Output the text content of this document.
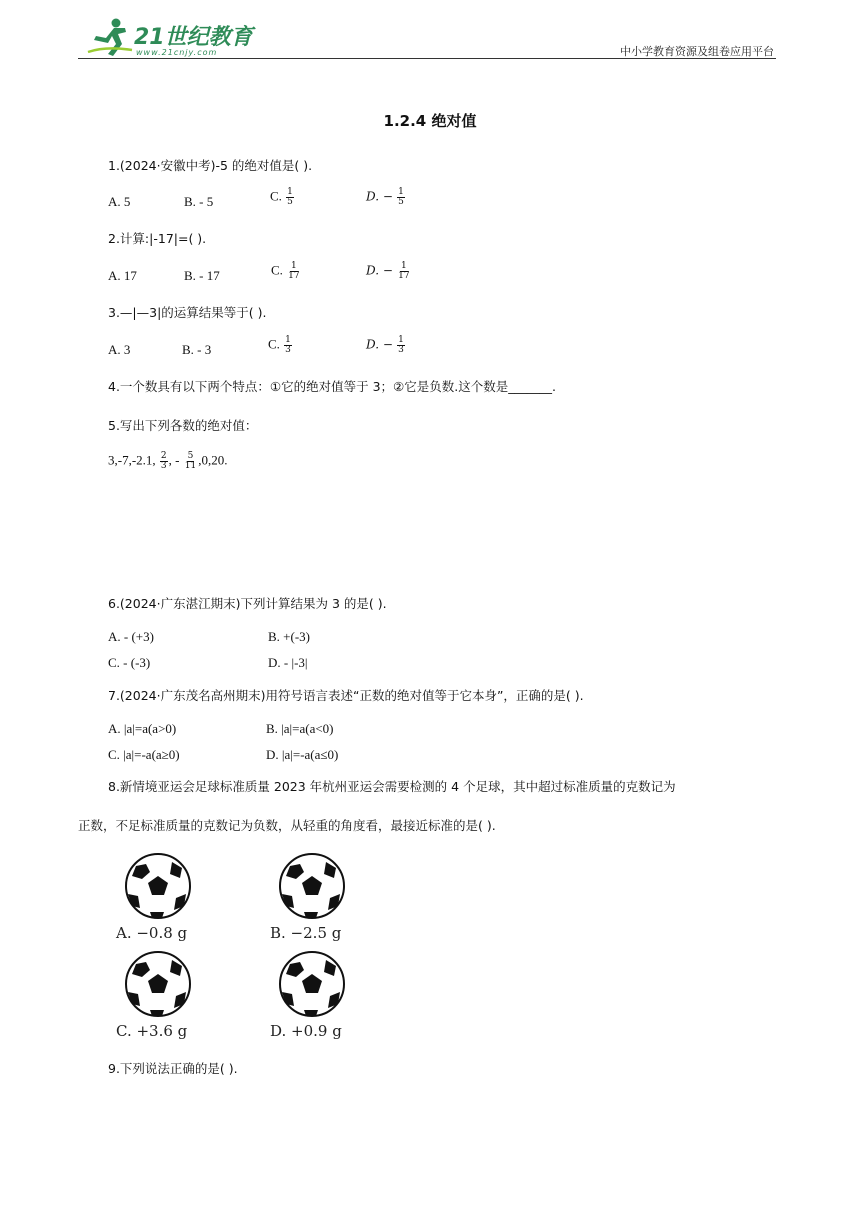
21世纪教育
www.21cnjy.com	中小学教育资源及组卷应用平台
1.2.4 绝对值
1.(2024·安徽中考)-5 的绝对值是( ).
A. 5	B. - 5	C. $\frac{1}{5}$	D. − $\frac{1}{5}$
2.计算:|-17|=( ).
A. 17	B. - 17	C. $\frac{1}{17}$	D. − $\frac{1}{17}$
3.—|—3|的运算结果等于( ).
A. 3	B. - 3	C. $\frac{1}{3}$	D. − $\frac{1}{3}$
4.一个数具有以下两个特点：①它的绝对值等于 3；②它是负数.这个数是_______.
5.写出下列各数的绝对值：
3,-7,-2.1, $\frac{2}{3}$ , - $\frac{5}{11} ,0,20$.
6.(2024·广东湛江期末)下列计算结果为 3 的是( ).
A. - (+3)	B. +(-3)
C. - (-3)	D. - |-3|
7.(2024·广东茂名高州期末)用符号语言表述“正数的绝对值等于它本身”，正确的是( ).
A. |a|=a(a>0)	B. |a|=a(a<0)
C. |a|=-a(a≥0)	D. |a|=-a(a≤0)
8.新情境亚运会足球标准质量 2023 年杭州亚运会需要检测的 4 个足球，其中超过标准质量的克数记为
正数，不足标准质量的克数记为负数，从轻重的角度看，最接近标准的是( ).
A. −0.8 g	B. −2.5 g
C. +3.6 g	D. +0.9 g
9.下列说法正确的是( ).
